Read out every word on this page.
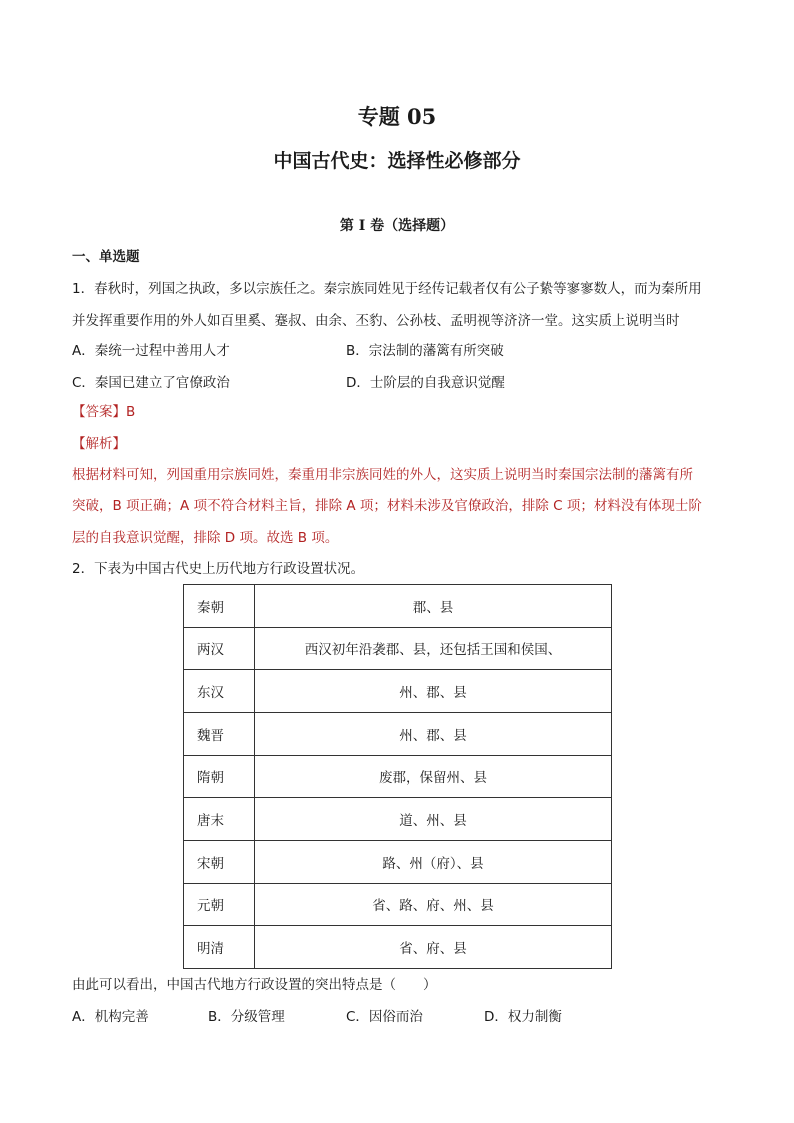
专题 05
中国古代史：选择性必修部分
第 I 卷（选择题）
一、单选题
1．春秋时，列国之执政，多以宗族任之。秦宗族同姓见于经传记载者仅有公子絷等寥寥数人，而为秦所用
并发挥重要作用的外人如百里奚、蹇叔、由余、丕豹、公孙枝、孟明视等济济一堂。这实质上说明当时
A．秦统一过程中善用人才	B．宗法制的藩篱有所突破
C．秦国已建立了官僚政治	D．士阶层的自我意识觉醒
【答案】B
【解析】
根据材料可知，列国重用宗族同姓，秦重用非宗族同姓的外人，这实质上说明当时秦国宗法制的藩篱有所
突破，B 项正确；A 项不符合材料主旨，排除 A 项；材料未涉及官僚政治，排除 C 项；材料没有体现士阶
层的自我意识觉醒，排除 D 项。故选 B 项。
2．下表为中国古代史上历代地方行政设置状况。
秦朝	郡、县
两汉	西汉初年沿袭郡、县，还包括王国和侯国、
东汉	州、郡、县
魏晋	州、郡、县
隋朝	废郡，保留州、县
唐末	道、州、县
宋朝	路、州（府）、县
元朝	省、路、府、州、县
明清	省、府、县
由此可以看出，中国古代地方行政设置的突出特点是（　　）
A．机构完善	B．分级管理	C．因俗而治	D．权力制衡
